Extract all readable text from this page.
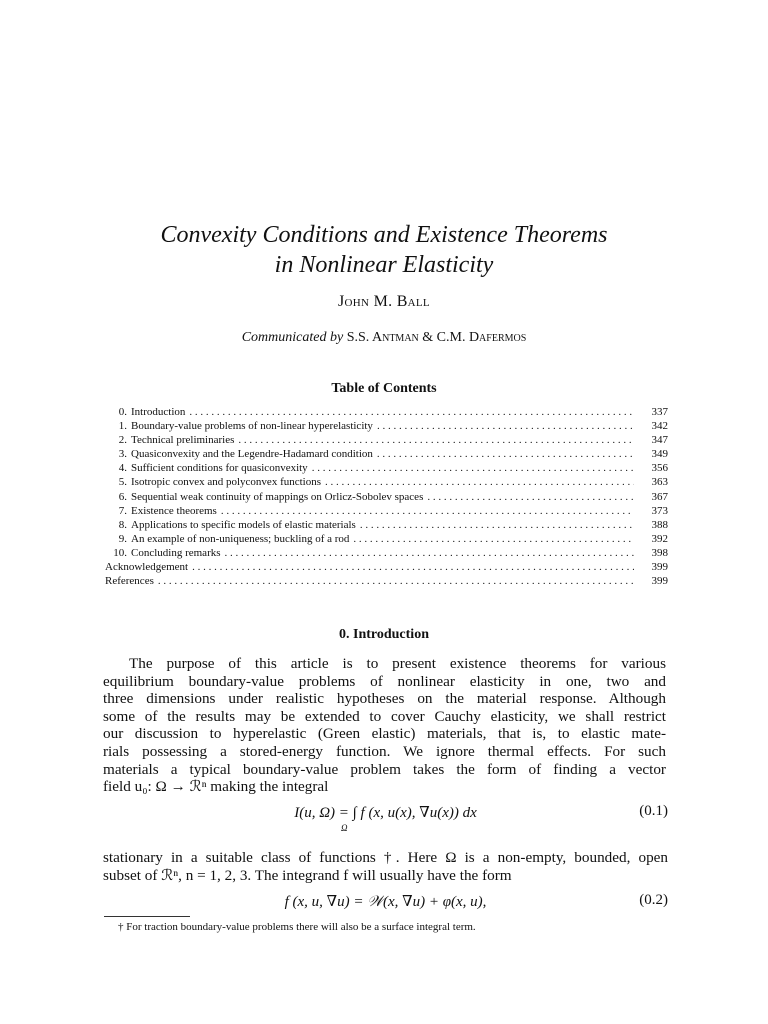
Convexity Conditions and Existence Theorems
in Nonlinear Elasticity
John M. Ball
Communicated by S.S. Antman & C.M. Dafermos
Table of Contents
0. Introduction . . .	337
1. Boundary-value problems of non-linear hyperelasticity . . .	342
2. Technical preliminaries . . .	347
3. Quasiconvexity and the Legendre-Hadamard condition . . .	349
4. Sufficient conditions for quasiconvexity . . .	356
5. Isotropic convex and polyconvex functions . . .	363
6. Sequential weak continuity of mappings on Orlicz-Sobolev spaces . . .	367
7. Existence theorems . . .	373
8. Applications to specific models of elastic materials . . .	388
9. An example of non-uniqueness; buckling of a rod . . .	392
10. Concluding remarks . . .	398
Acknowledgement . . .	399
References . . .	399
0. Introduction
The purpose of this article is to present existence theorems for various
equilibrium boundary-value problems of nonlinear elasticity in one, two and
three dimensions under realistic hypotheses on the material response. Although
some of the results may be extended to cover Cauchy elasticity, we shall restrict
our discussion to hyperelastic (Green elastic) materials, that is, to elastic mate-
rials possessing a stored-energy function. We ignore thermal effects. For such
materials a typical boundary-value problem takes the form of finding a vector
field u₀: Ω → ℛⁿ making the integral
I(u, Ω) = ∫ f (x, u(x), ∇u(x)) dx	(0.1)
Ω
stationary in a suitable class of functions †. Here Ω is a non-empty, bounded, open
subset of ℛⁿ, n = 1, 2, 3. The integrand f will usually have the form
f (x, u, ∇u) = 𝒲(x, ∇u) + φ(x, u),	(0.2)
† For traction boundary-value problems there will also be a surface integral term.
